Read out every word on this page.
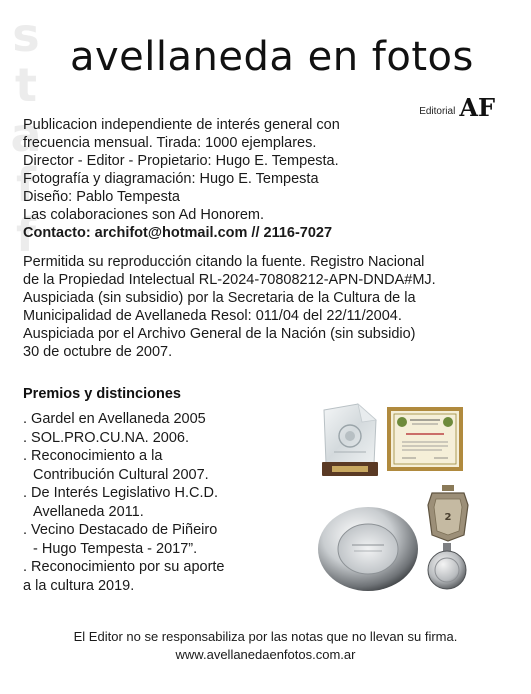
s
t
a
f
f
avellaneda en fotos
Editorial AF
Publicacion independiente de interés general con
frecuencia mensual. Tirada: 1000 ejemplares.
Director - Editor - Propietario: Hugo E. Tempesta.
Fotografía y diagramación: Hugo E. Tempesta
Diseño: Pablo Tempesta
Las colaboraciones son Ad Honorem.
Contacto: archifot@hotmail.com // 2116-7027
Permitida su reproducción citando la fuente. Registro Nacional
de la Propiedad Intelectual RL-2024-70808212-APN-DNDA#MJ.
Auspiciada (sin subsidio) por la Secretaria de la Cultura de la
Municipalidad de Avellaneda Resol: 011/04 del 22/11/2004.
Auspiciada por el Archivo General de la Nación (sin subsidio)
30 de octubre de 2007.
Premios y distinciones
. Gardel en Avellaneda 2005
. SOL.PRO.CU.NA. 2006.
. Reconocimiento a la
Contribución Cultural 2007.
. De Interés Legislativo H.C.D.
Avellaneda 2011.
. Vecino Destacado de Piñeiro
- Hugo Tempesta - 2017”.
. Reconocimiento por su aporte
a la cultura 2019.
2
El Editor no se responsabiliza por las notas que no llevan su firma.
www.avellanedaenfotos.com.ar
